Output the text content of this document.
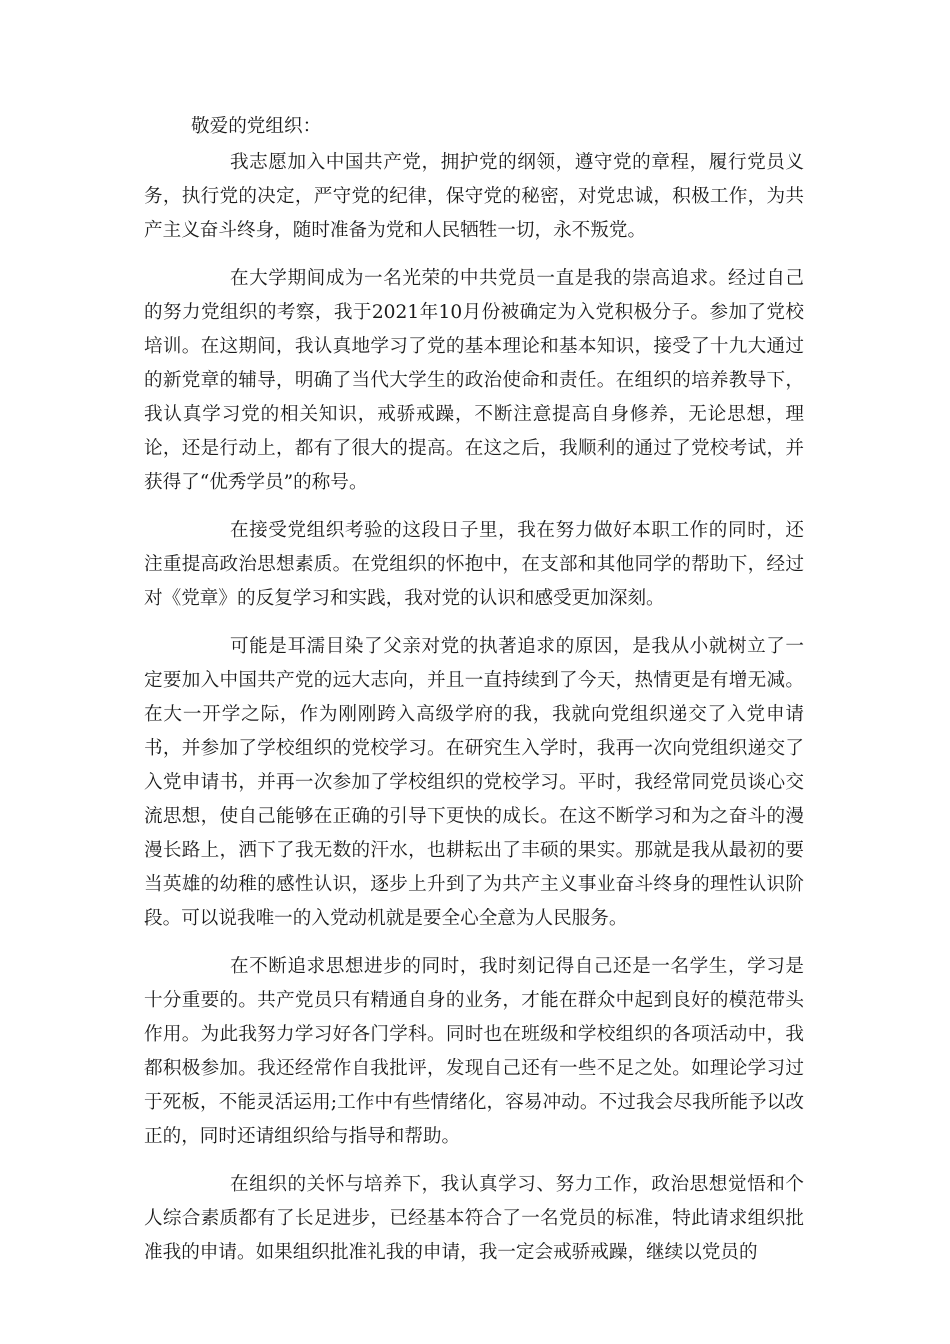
敬爱的党组织：

我志愿加入中国共产党，拥护党的纲领，遵守党的章程，履行党员义务，执行党的决定，严守党的纪律，保守党的秘密，对党忠诚，积极工作，为共产主义奋斗终身，随时准备为党和人民牺牲一切，永不叛党。

在大学期间成为一名光荣的中共党员一直是我的崇高追求。经过自己的努力党组织的考察，我于2021年10月份被确定为入党积极分子。参加了党校培训。在这期间，我认真地学习了党的基本理论和基本知识，接受了十九大通过的新党章的辅导，明确了当代大学生的政治使命和责任。在组织的培养教导下，我认真学习党的相关知识，戒骄戒躁，不断注意提高自身修养，无论思想，理论，还是行动上，都有了很大的提高。在这之后，我顺利的通过了党校考试，并获得了“优秀学员”的称号。

在接受党组织考验的这段日子里，我在努力做好本职工作的同时，还注重提高政治思想素质。在党组织的怀抱中，在支部和其他同学的帮助下，经过对《党章》的反复学习和实践，我对党的认识和感受更加深刻。

可能是耳濡目染了父亲对党的执著追求的原因，是我从小就树立了一定要加入中国共产党的远大志向，并且一直持续到了今天，热情更是有增无减。在大一开学之际，作为刚刚跨入高级学府的我，我就向党组织递交了入党申请书，并参加了学校组织的党校学习。在研究生入学时，我再一次向党组织递交了入党申请书，并再一次参加了学校组织的党校学习。平时，我经常同党员谈心交流思想，使自己能够在正确的引导下更快的成长。在这不断学习和为之奋斗的漫漫长路上，洒下了我无数的汗水，也耕耘出了丰硕的果实。那就是我从最初的要当英雄的幼稚的感性认识，逐步上升到了为共产主义事业奋斗终身的理性认识阶段。可以说我唯一的入党动机就是要全心全意为人民服务。

在不断追求思想进步的同时，我时刻记得自己还是一名学生，学习是十分重要的。共产党员只有精通自身的业务，才能在群众中起到良好的模范带头作用。为此我努力学习好各门学科。同时也在班级和学校组织的各项活动中，我都积极参加。我还经常作自我批评，发现自己还有一些不足之处。如理论学习过于死板，不能灵活运用;工作中有些情绪化，容易冲动。不过我会尽我所能予以改正的，同时还请组织给与指导和帮助。

在组织的关怀与培养下，我认真学习、努力工作，政治思想觉悟和个人综合素质都有了长足进步，已经基本符合了一名党员的标准，特此请求组织批准我的申请。如果组织批准礼我的申请，我一定会戒骄戒躁，继续以党员的
